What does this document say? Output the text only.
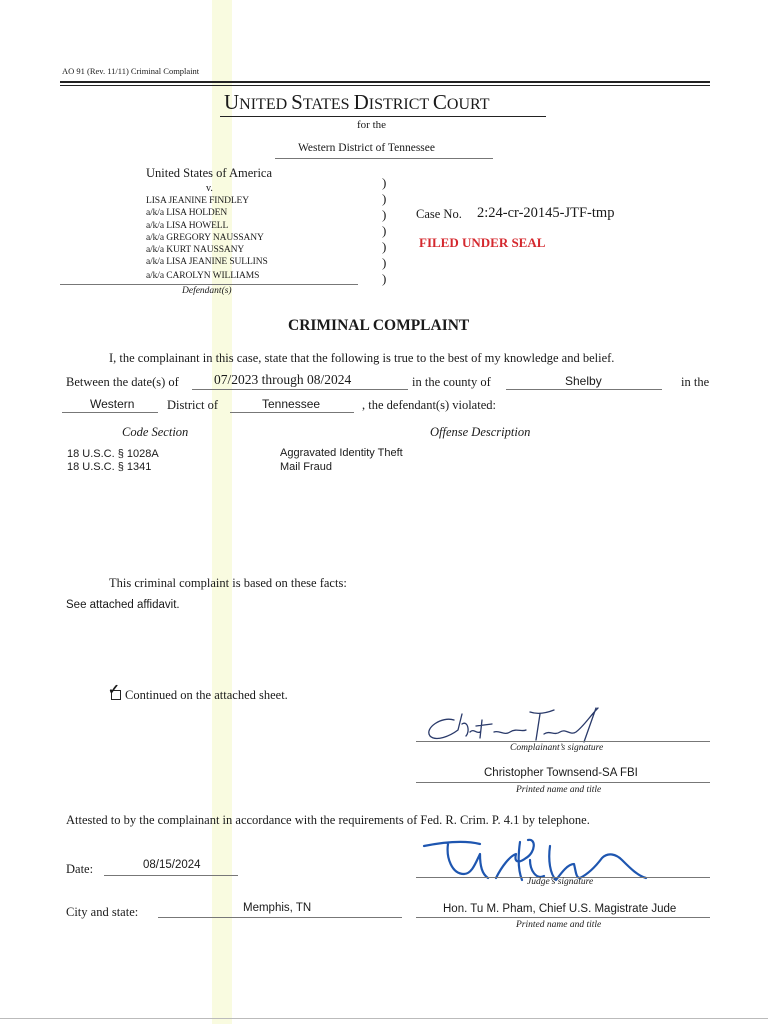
AO 91 (Rev. 11/11) Criminal Complaint
UNITED STATES DISTRICT COURT
for the
Western District of Tennessee
United States of America
v.
LISA JEANINE FINDLEY
a/k/a LISA HOLDEN
a/k/a LISA HOWELL
a/k/a GREGORY NAUSSANY
a/k/a KURT NAUSSANY
a/k/a LISA JEANINE SULLINS
a/k/a CAROLYN WILLIAMS
Defendant(s)
)
)
)
)
)
)
)
Case No. 2:24-cr-20145-JTF-tmp
FILED UNDER SEAL
CRIMINAL COMPLAINT
I, the complainant in this case, state that the following is true to the best of my knowledge and belief.
Between the date(s) of	07/2023 through 08/2024	in the county of	Shelby	in the
Western	District of	Tennessee	, the defendant(s) violated:
Code Section	Offense Description
18 U.S.C. § 1028A	Aggravated Identity Theft
18 U.S.C. § 1341	Mail Fraud
This criminal complaint is based on these facts:
See attached affidavit.
✓ Continued on the attached sheet.
Complainant’s signature
Christopher Townsend-SA FBI
Printed name and title
Attested to by the complainant in accordance with the requirements of Fed. R. Crim. P. 4.1 by telephone.
Date:	08/15/2024
Judge’s signature
City and state:	Memphis, TN	Hon. Tu M. Pham, Chief U.S. Magistrate Jude
Printed name and title
